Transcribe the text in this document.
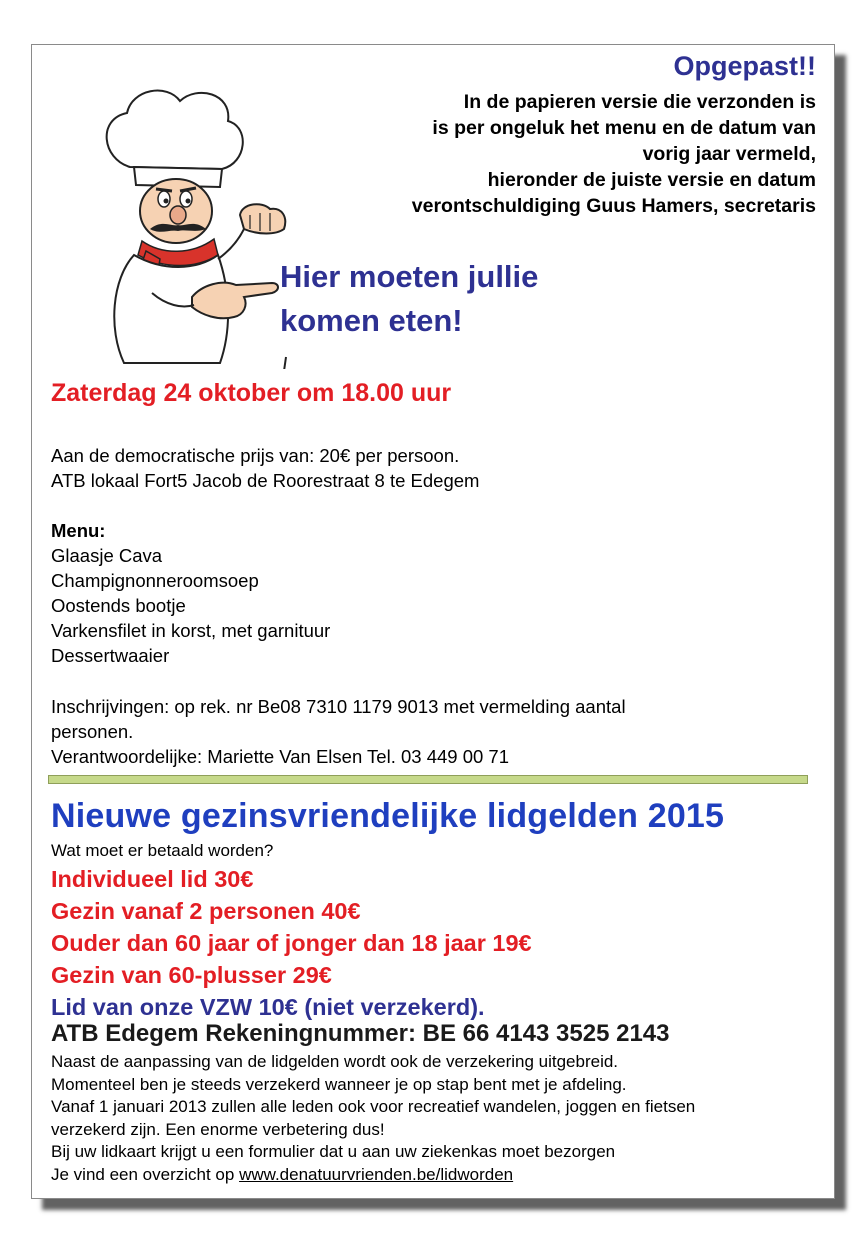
Opgepast!!
In de papieren versie die verzonden is
is per ongeluk het menu en de datum van
vorig jaar vermeld,
hieronder de juiste versie en datum
verontschuldiging Guus Hamers, secretaris
Hier moeten jullie
komen eten!
Zaterdag 24 oktober om 18.00 uur
Aan de democratische prijs van: 20€ per persoon.
ATB lokaal Fort5 Jacob de Roorestraat 8 te Edegem
Menu:
Glaasje Cava
Champignonneroomsoep
Oostends bootje
Varkensfilet in korst, met garnituur
Dessertwaaier
Inschrijvingen: op rek. nr Be08 7310 1179 9013 met vermelding aantal
personen.
Verantwoordelijke: Mariette Van Elsen Tel. 03 449 00 71
Nieuwe gezinsvriendelijke lidgelden 2015
Wat moet er betaald worden?
Individueel lid 30€
Gezin vanaf 2 personen 40€
Ouder dan 60 jaar of jonger dan 18 jaar 19€
Gezin van 60-plusser 29€
Lid van onze VZW 10€ (niet verzekerd).
ATB Edegem Rekeningnummer: BE 66 4143 3525 2143
Naast de aanpassing van de lidgelden wordt ook de verzekering uitgebreid.
Momenteel ben je steeds verzekerd wanneer je op stap bent met je afdeling.
Vanaf 1 januari 2013 zullen alle leden ook voor recreatief wandelen, joggen en fietsen
verzekerd zijn. Een enorme verbetering dus!
Bij uw lidkaart krijgt u een formulier dat u aan uw ziekenkas moet bezorgen
Je vind een overzicht op www.denatuurvrienden.be/lidworden
